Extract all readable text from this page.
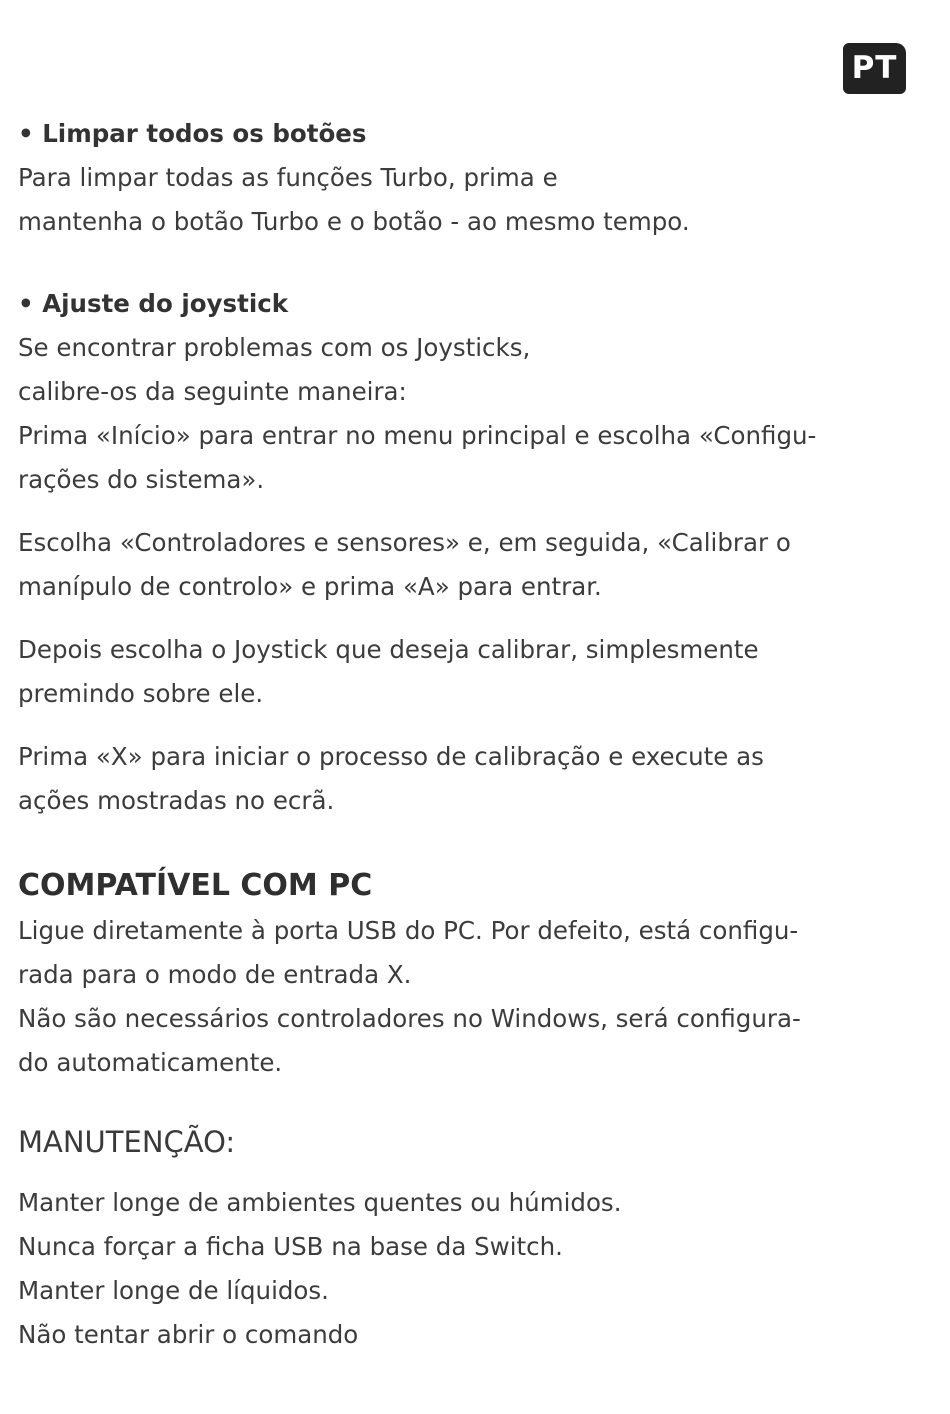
PT

• Limpar todos os botões

Para limpar todas as funções Turbo, prima e

mantenha o botão Turbo e o botão - ao mesmo tempo.

• Ajuste do joystick

Se encontrar problemas com os Joysticks,

calibre-os da seguinte maneira:

Prima «Início» para entrar no menu principal e escolha «Configu-

rações do sistema».

Escolha «Controladores e sensores» e, em seguida, «Calibrar o

manípulo de controlo» e prima «A» para entrar.

Depois escolha o Joystick que deseja calibrar, simplesmente

premindo sobre ele.

Prima «X» para iniciar o processo de calibração e execute as

ações mostradas no ecrã.

COMPATÍVEL COM PC

Ligue diretamente à porta USB do PC. Por defeito, está configu-

rada para o modo de entrada X.

Não são necessários controladores no Windows, será configura-

do automaticamente.

MANUTENÇÃO:

Manter longe de ambientes quentes ou húmidos.

Nunca forçar a ficha USB na base da Switch.

Manter longe de líquidos.

Não tentar abrir o comando
